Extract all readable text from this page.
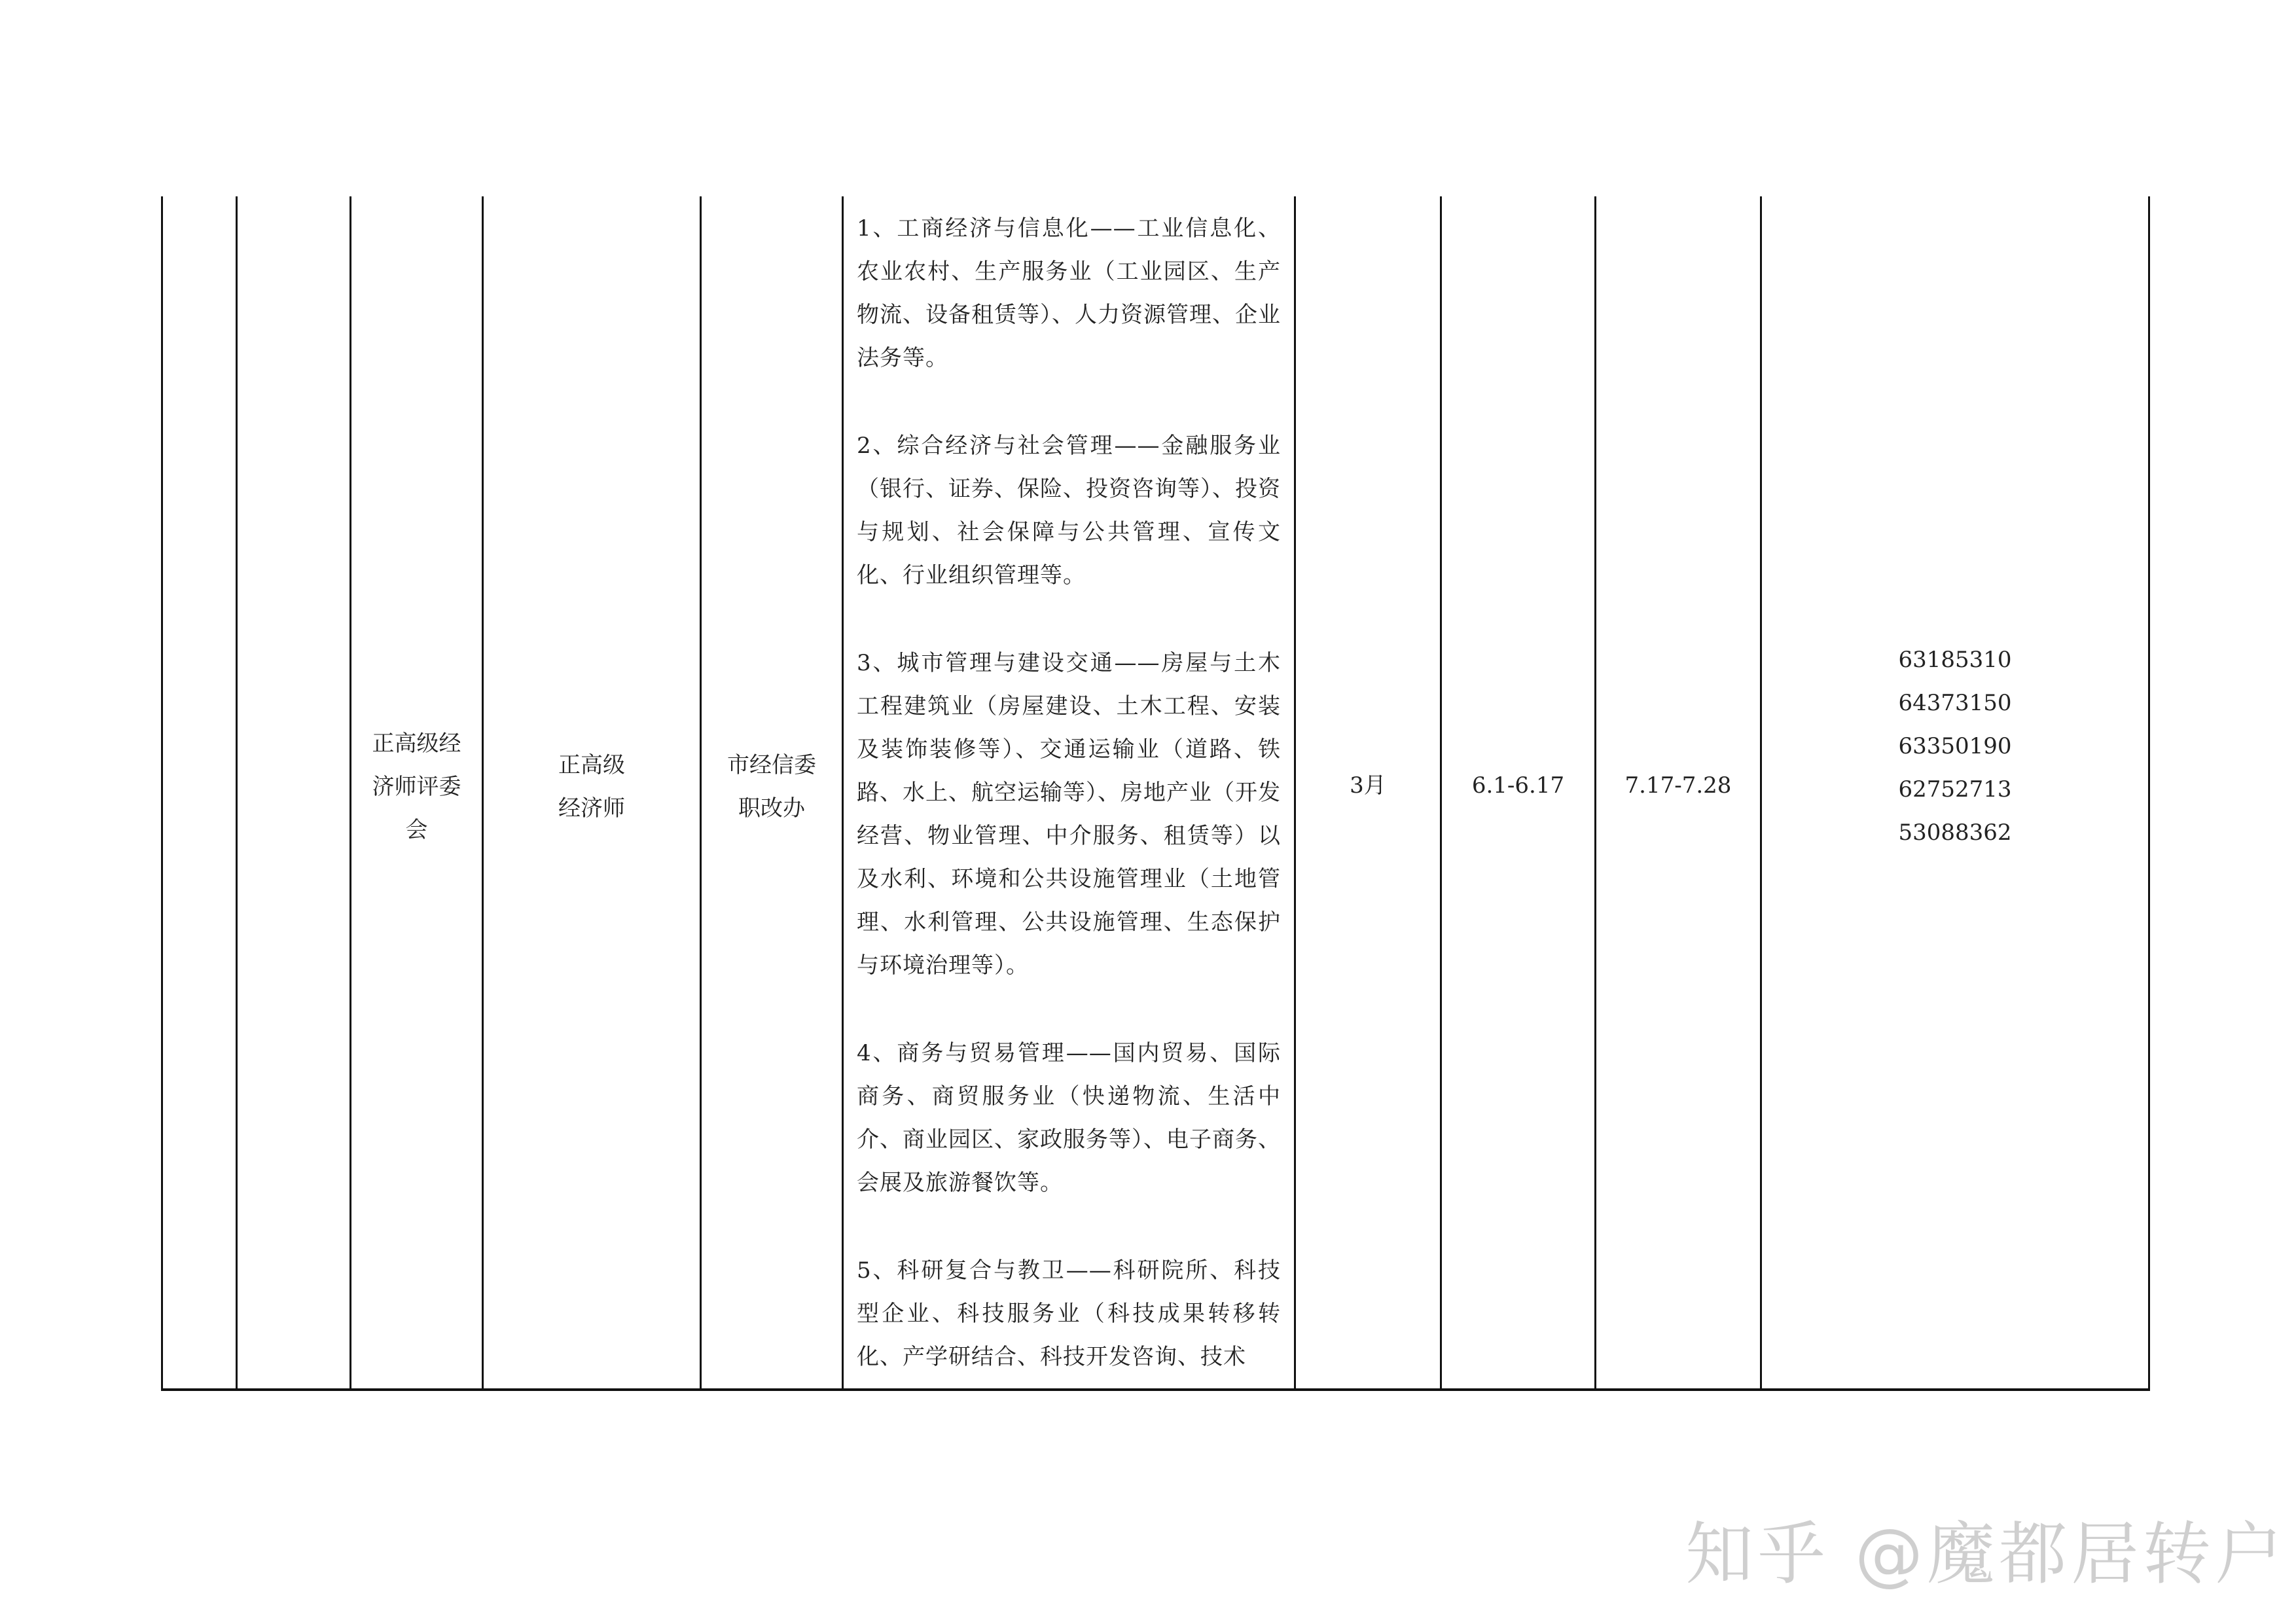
正高级经
济师评委
会
正高级
经济师
市经信委
职改办

1、工商经济与信息化——工业信息化、农业农村、生产服务业（工业园区、生产物流、设备租赁等）、人力资源管理、企业法务等。

2、综合经济与社会管理——金融服务业（银行、证券、保险、投资咨询等）、投资与规划、社会保障与公共管理、宣传文化、行业组织管理等。

3、城市管理与建设交通——房屋与土木工程建筑业（房屋建设、土木工程、安装及装饰装修等）、交通运输业（道路、铁路、水上、航空运输等）、房地产业（开发经营、物业管理、中介服务、租赁等）以及水利、环境和公共设施管理业（土地管理、水利管理、公共设施管理、生态保护与环境治理等）。

4、商务与贸易管理——国内贸易、国际商务、商贸服务业（快递物流、生活中介、商业园区、家政服务等）、电子商务、会展及旅游餐饮等。

5、科研复合与教卫——科研院所、科技型企业、科技服务业（科技成果转移转化、产学研结合、科技开发咨询、技术

3月	6.1-6.17	7.17-7.28
63185310
64373150
63350190
62752713
53088362
知乎 @魔都居转户
